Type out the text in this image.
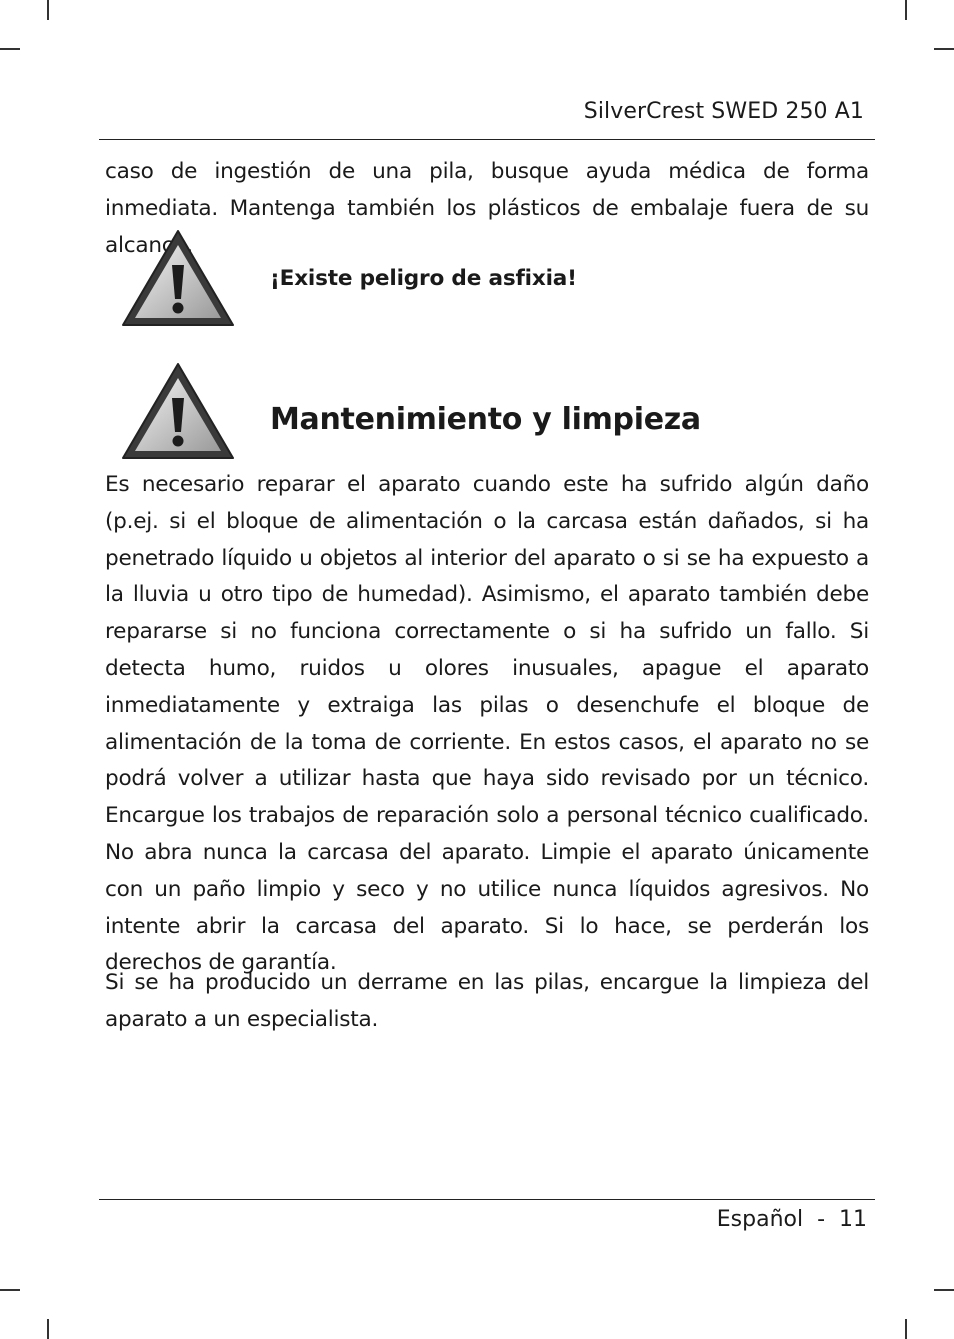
SilverCrest SWED 250 A1

caso de ingestión de una pila, busque ayuda médica de forma inmediata. Mantenga también los plásticos de embalaje fuera de su alcance.

¡Existe peligro de asfixia!
Mantenimiento y limpieza

Es necesario reparar el aparato cuando este ha sufrido algún daño (p.ej. si el bloque de alimentación o la carcasa están dañados, si ha penetrado líquido u objetos al interior del aparato o si se ha expuesto a la lluvia u otro tipo de humedad). Asimismo, el aparato también debe repararse si no funciona correctamente o si ha sufrido un fallo. Si detecta humo, ruidos u olores inusuales, apague el aparato inmediatamente y extraiga las pilas o desenchufe el bloque de alimentación de la toma de corriente. En estos casos, el aparato no se podrá volver a utilizar hasta que haya sido revisado por un técnico. Encargue los trabajos de reparación solo a personal técnico cualificado. No abra nunca la carcasa del aparato. Limpie el aparato únicamente con un paño limpio y seco y no utilice nunca líquidos agresivos. No intente abrir la carcasa del aparato. Si lo hace, se perderán los derechos de garantía.

Si se ha producido un derrame en las pilas, encargue la limpieza del aparato a un especialista.

Español  -  11
